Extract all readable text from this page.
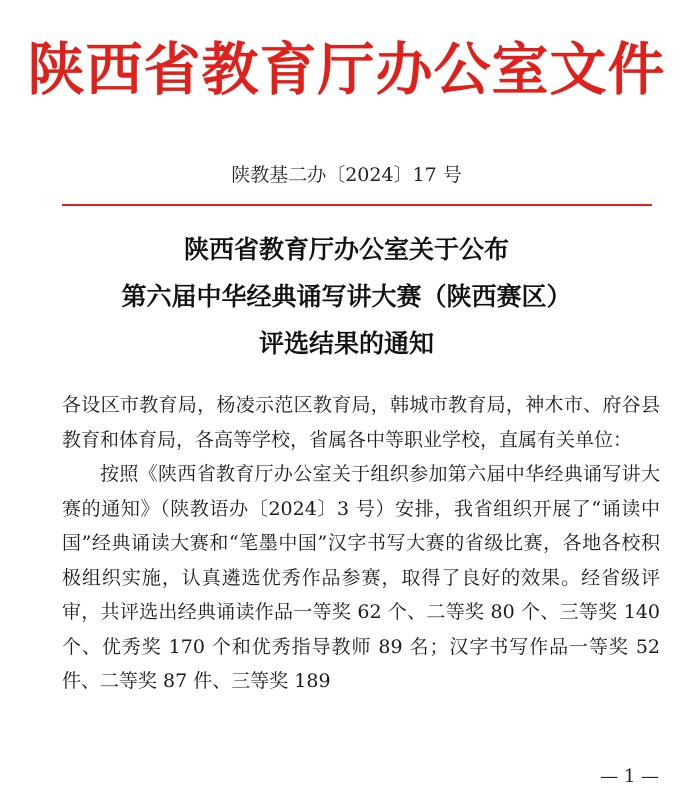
陕西省教育厅办公室文件
陕教基二办〔2024〕17 号
陕西省教育厅办公室关于公布
第六届中华经典诵写讲大赛（陕西赛区）
评选结果的通知

各设区市教育局，杨凌示范区教育局，韩城市教育局，神木市、府谷县教育和体育局，各高等学校，省属各中等职业学校，直属有关单位：

按照《陕西省教育厅办公室关于组织参加第六届中华经典诵写讲大赛的通知》（陕教语办〔2024〕3 号）安排，我省组织开展了“诵读中国”经典诵读大赛和“笔墨中国”汉字书写大赛的省级比赛，各地各校积极组织实施，认真遴选优秀作品参赛，取得了良好的效果。经省级评审，共评选出经典诵读作品一等奖 62 个、二等奖 80 个、三等奖 140 个、优秀奖 170 个和优秀指导教师 89 名；汉字书写作品一等奖 52 件、二等奖 87 件、三等奖 189

— 1 —
